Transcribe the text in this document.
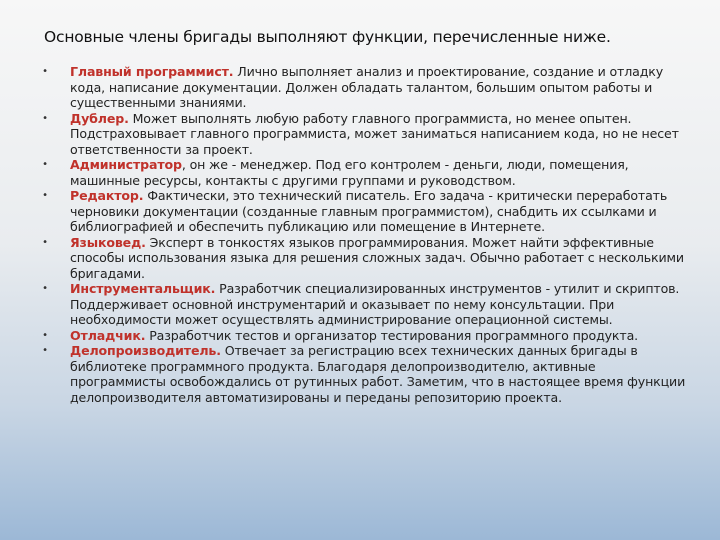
Основные члены бригады выполняют функции, перечисленные ниже.
•	Главный программист. Лично выполняет анализ и проектирование, создание и отладку кода, написание документации. Должен обладать талантом, большим опытом работы и существенными знаниями.
•	Дублер. Может выполнять любую работу главного программиста, но менее опытен. Подстраховывает главного программиста, может заниматься написанием кода, но не несет ответственности за проект.
•	Администратор, он же - менеджер. Под его контролем - деньги, люди, помещения, машинные ресурсы, контакты с другими группами и руководством.
•	Редактор. Фактически, это технический писатель. Его задача - критически переработать черновики документации (созданные главным программистом), снабдить их ссылками и библиографией и обеспечить публикацию или помещение в Интернете.
•	Языковед. Эксперт в тонкостях языков программирования. Может найти эффективные способы использования языка для решения сложных задач. Обычно работает с несколькими бригадами.
•	Инструментальщик. Разработчик специализированных инструментов - утилит и скриптов. Поддерживает основной инструментарий и оказывает по нему консультации. При необходимости может осуществлять администрирование операционной системы.
•	Отладчик. Разработчик тестов и организатор тестирования программного продукта.
•	Делопроизводитель. Отвечает за регистрацию всех технических данных бригады в библиотеке программного продукта. Благодаря делопроизводителю, активные программисты освобождались от рутинных работ. Заметим, что в настоящее время функции делопроизводителя автоматизированы и переданы репозиторию проекта.
